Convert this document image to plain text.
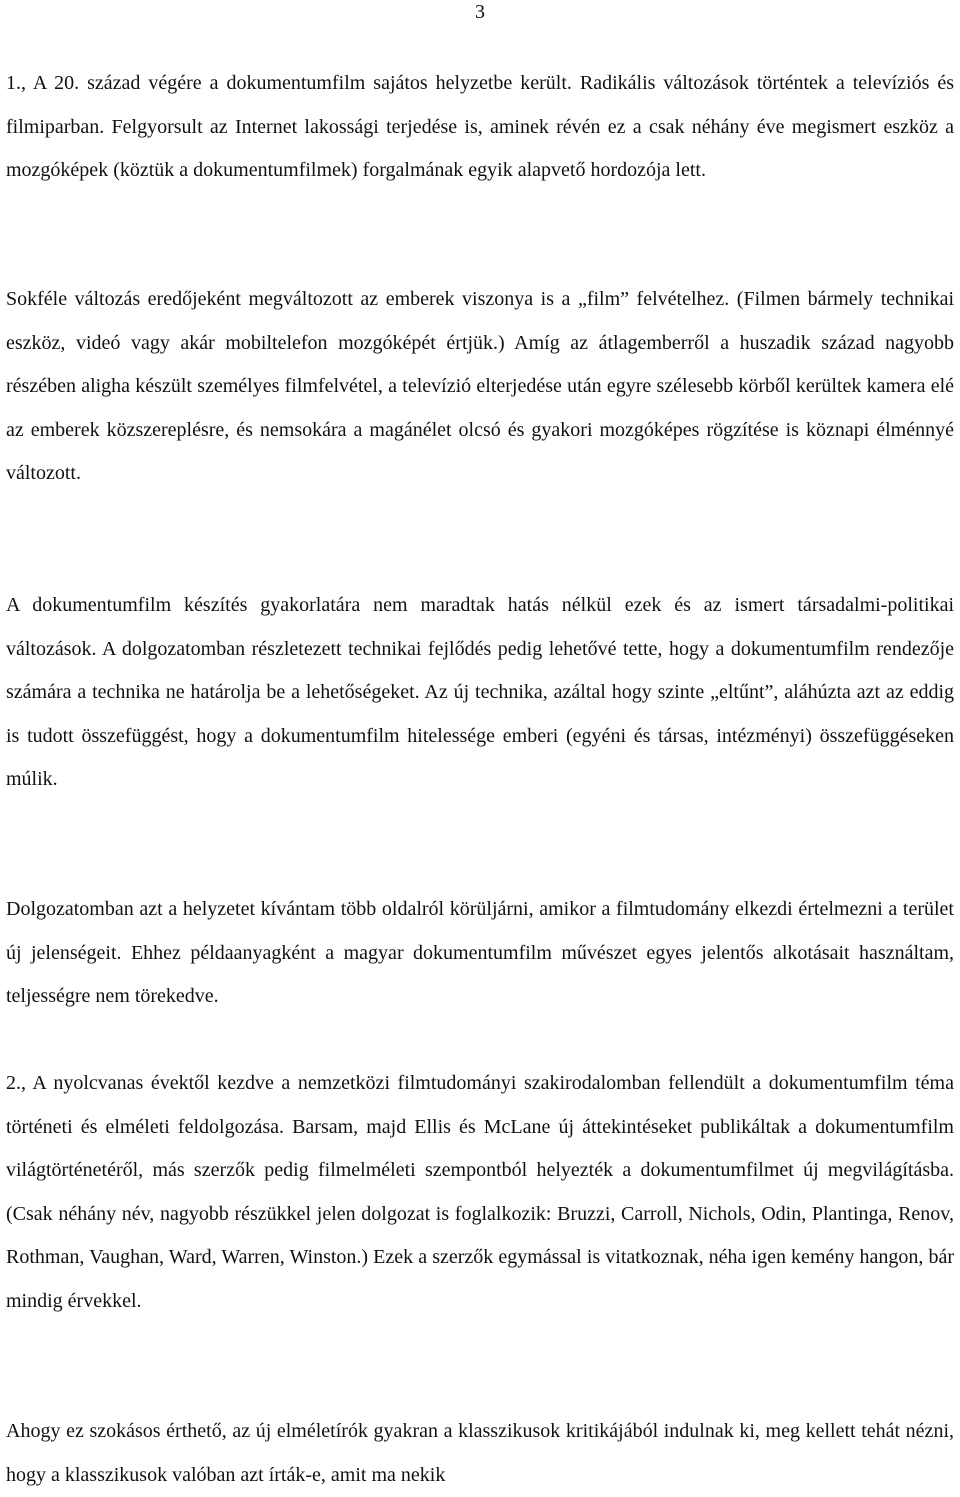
3

1., A 20. század végére a dokumentumfilm sajátos helyzetbe került. Radikális változások történtek a televíziós és filmiparban. Felgyorsult az Internet lakossági terjedése is, aminek révén ez a csak néhány éve megismert eszköz a mozgóképek (köztük a dokumentumfilmek) forgalmának egyik alapvető hordozója lett.

Sokféle változás eredőjeként megváltozott az emberek viszonya is a „film” felvételhez. (Filmen bármely technikai eszköz, videó vagy akár mobiltelefon mozgóképét értjük.) Amíg az átlagemberről a huszadik század nagyobb részében aligha készült személyes filmfelvétel, a televízió elterjedése után egyre szélesebb körből kerültek kamera elé az emberek közszereplésre, és nemsokára a magánélet olcsó és gyakori mozgóképes rögzítése is köznapi élménnyé változott.

A dokumentumfilm készítés gyakorlatára nem maradtak hatás nélkül ezek és az ismert társadalmi-politikai változások. A dolgozatomban részletezett technikai fejlődés pedig lehetővé tette, hogy a dokumentumfilm rendezője számára a technika ne határolja be a lehetőségeket. Az új technika, azáltal hogy szinte „eltűnt”, aláhúzta azt az eddig is tudott összefüggést, hogy a dokumentumfilm hitelessége emberi (egyéni és társas, intézményi) összefüggéseken múlik.

Dolgozatomban azt a helyzetet kívántam több oldalról körüljárni, amikor a filmtudomány elkezdi értelmezni a terület új jelenségeit. Ehhez példaanyagként a magyar dokumentumfilm művészet egyes jelentős alkotásait használtam, teljességre nem törekedve.

2., A nyolcvanas évektől kezdve a nemzetközi filmtudományi szakirodalomban fellendült a dokumentumfilm téma történeti és elméleti feldolgozása. Barsam, majd Ellis és McLane új áttekintéseket publikáltak a dokumentumfilm világtörténetéről, más szerzők pedig filmelméleti szempontból helyezték a dokumentumfilmet új megvilágításba. (Csak néhány név, nagyobb részükkel jelen dolgozat is foglalkozik: Bruzzi, Carroll, Nichols, Odin, Plantinga, Renov, Rothman, Vaughan, Ward, Warren, Winston.) Ezek a szerzők egymással is vitatkoznak, néha igen kemény hangon, bár mindig érvekkel.

Ahogy ez szokásos érthető, az új elméletírók gyakran a klasszikusok kritikájából indulnak ki, meg kellett tehát nézni, hogy a klasszikusok valóban azt írták-e, amit ma nekik
